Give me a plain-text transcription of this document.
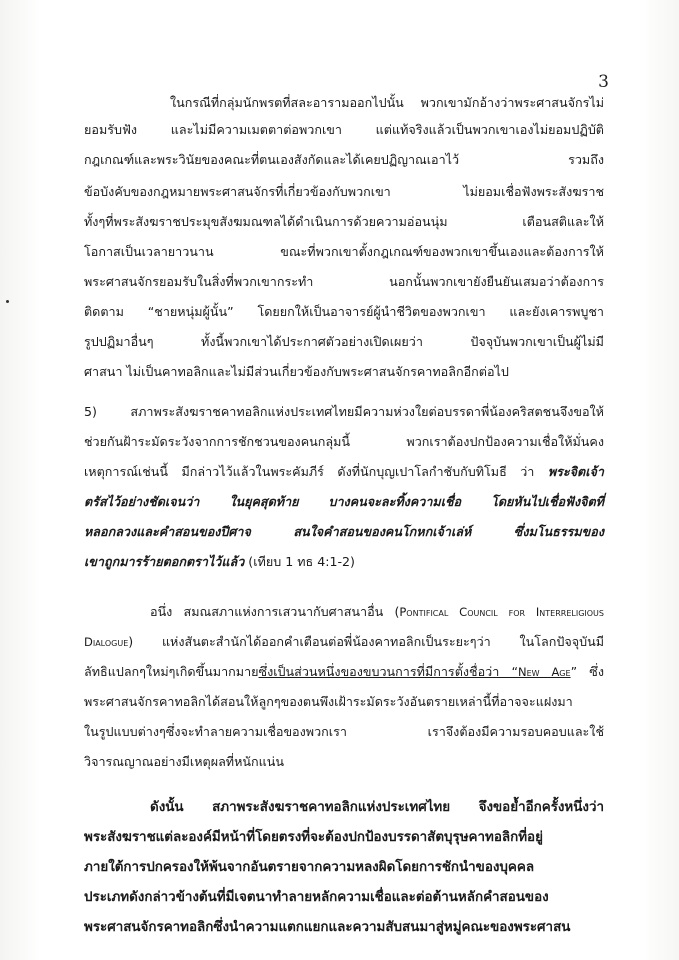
3
ในกรณีที่กลุ่มนักพรตที่สละอารามออกไปนั้น พวกเขามักอ้างว่าพระศาสนจักรไม่
ยอมรับฟัง และไม่มีความเมตตาต่อพวกเขา แต่แท้จริงแล้วเป็นพวกเขาเองไม่ยอมปฏิบัติ
กฎเกณฑ์และพระวินัยของคณะที่ตนเองสังกัดและได้เคยปฏิญาณเอาไว้ รวมถึง
ข้อบังคับของกฎหมายพระศาสนจักรที่เกี่ยวข้องกับพวกเขา ไม่ยอมเชื่อฟังพระสังฆราช
ทั้งๆที่พระสังฆราชประมุขสังฆมณฑลได้ดำเนินการด้วยความอ่อนนุ่ม เตือนสติและให้
โอกาสเป็นเวลายาวนาน ขณะที่พวกเขาตั้งกฎเกณฑ์ของพวกเขาขึ้นเองและต้องการให้
พระศาสนจักรยอมรับในสิ่งที่พวกเขากระทำ นอกนั้นพวกเขายังยืนยันเสมอว่าต้องการ
ติดตาม “ชายหนุ่มผู้นั้น” โดยยกให้เป็นอาจารย์ผู้นำชีวิตของพวกเขา และยังเคารพบูชา
รูปปฏิมาอื่นๆ ทั้งนี้พวกเขาได้ประกาศตัวอย่างเปิดเผยว่า ปัจจุบันพวกเขาเป็นผู้ไม่มี
ศาสนา ไม่เป็นคาทอลิกและไม่มีส่วนเกี่ยวข้องกับพระศาสนจักรคาทอลิกอีกต่อไป
5) สภาพระสังฆราชคาทอลิกแห่งประเทศไทยมีความห่วงใยต่อบรรดาพี่น้องคริสตชนจึงขอให้
ช่วยกันฝ้าระมัดระวังจากการชักชวนของคนกลุ่มนี้ พวกเราต้องปกป้องความเชื่อให้มั่นคง
เหตุการณ์เช่นนี้ มีกล่าวไว้แล้วในพระคัมภีร์ ดังที่นักบุญเปาโลกำชับกับทิโมธี ว่า พระจิตเจ้า
ตรัสไว้อย่างชัดเจนว่า ในยุคสุดท้าย บางคนจะละทิ้งความเชื่อ โดยหันไปเชื่อฟังจิตที่
หลอกลวงและคำสอนของปีศาจ สนใจคำสอนของคนโกหกเจ้าเล่ห์ ซึ่งมโนธรรมของ
เขาถูกมารร้ายตอกตราไว้แล้ว (เทียบ 1 ทธ 4:1-2)
อนึ่ง สมณสภาแห่งการเสวนากับศาสนาอื่น (Pontifical Council for Interreligious
Dialogue) แห่งสันตะสำนักได้ออกคำเตือนต่อพี่น้องคาทอลิกเป็นระยะๆว่า ในโลกปัจจุบันมี
ลัทธิแปลกๆใหม่ๆเกิดขึ้นมากมายซึ่งเป็นส่วนหนึ่งของขบวนการที่มีการตั้งชื่อว่า “New Age” ซึ่ง
พระศาสนจักรคาทอลิกได้สอนให้ลูกๆของตนพึงเฝ้าระมัดระวังอันตรายเหล่านี้ที่อาจจะแฝงมา
ในรูปแบบต่างๆซึ่งจะทำลายความเชื่อของพวกเรา เราจึงต้องมีความรอบคอบและใช้
วิจารณญาณอย่างมีเหตุผลที่หนักแน่น
ดังนั้น สภาพระสังฆราชคาทอลิกแห่งประเทศไทย จึงขอย้ำอีกครั้งหนึ่งว่า
พระสังฆราชแต่ละองค์มีหน้าที่โดยตรงที่จะต้องปกป้องบรรดาสัตบุรุษคาทอลิกที่อยู่
ภายใต้การปกครองให้พ้นจากอันตรายจากความหลงผิดโดยการชักนำของบุคคล
ประเภทดังกล่าวข้างต้นที่มีเจตนาทำลายหลักความเชื่อและต่อต้านหลักคำสอนของ
พระศาสนจักรคาทอลิกซึ่งนำความแตกแยกและความสับสนมาสู่หมู่คณะของพระศาสน
